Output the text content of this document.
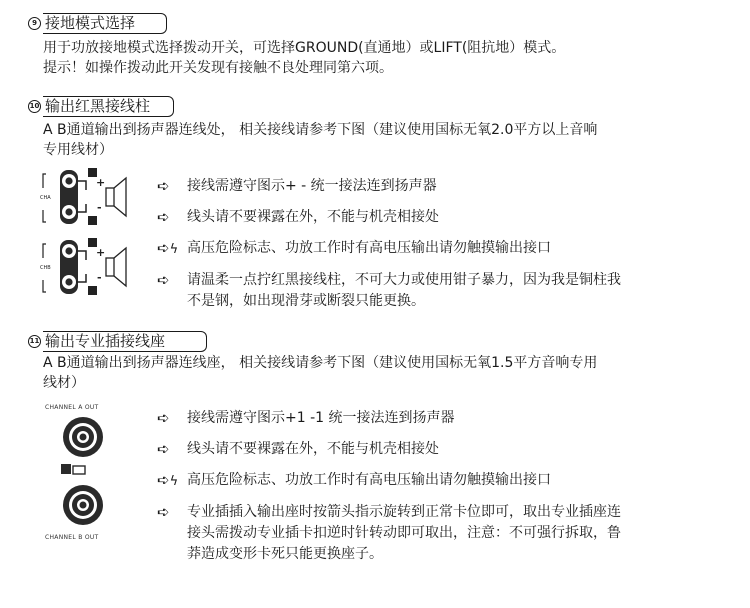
9 接地模式选择
用于功放接地模式选择拨动开关，可选择GROUND(直通地）或LIFT(阻抗地）模式。
提示！如操作拨动此开关发现有接触不良处理同第六项。
10 输出红黑接线柱
A B通道输出到扬声器连线处， 相关接线请参考下图（建议使用国标无氧2.0平方以上音响
专用线材）
CHA
+
-
CHB
+
-
➪	接线需遵守图示+ - 统一接法连到扬声器
➪	线头请不要裸露在外，不能与机壳相接处
➪ϟ 高压危险标志、功放工作时有高电压输出请勿触摸输出接口
➪	请温柔一点拧红黑接线柱，不可大力或使用钳子暴力，因为我是铜柱我
不是钢，如出现滑芽或断裂只能更换。
11 输出专业插接线座
A B通道输出到扬声器连线座， 相关接线请参考下图（建议使用国标无氧1.5平方音响专用
线材）
CHANNEL A OUT
CHANNEL B OUT
➪	接线需遵守图示+1 -1 统一接法连到扬声器
➪	线头请不要裸露在外，不能与机壳相接处
➪ϟ 高压危险标志、功放工作时有高电压输出请勿触摸输出接口
➪	专业插插入输出座时按箭头指示旋转到正常卡位即可，取出专业插座连
接头需拨动专业插卡扣逆时针转动即可取出，注意：不可强行拆取，鲁
莽造成变形卡死只能更换座子。
